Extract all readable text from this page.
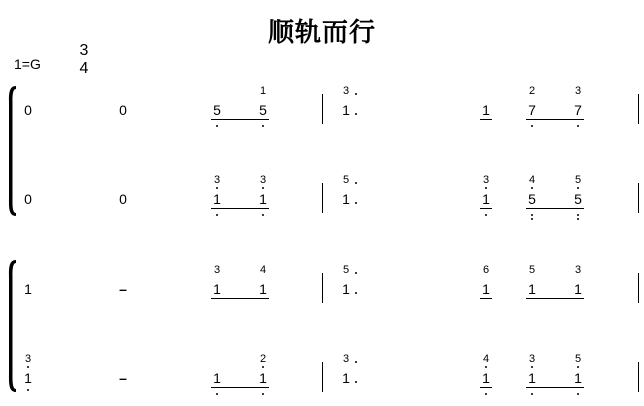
顺轨而行
1=G
3
4
0	0	5	5
1
1
3
1	7
2
7
3
0	0	1
3
1
3
1
5
1
3
5
4
5
5
1	–	1
3
1
4
1
5
1
6
1
5
1
3
1
3
–	1	1
2
1
3
1
4
1
3
1
5
